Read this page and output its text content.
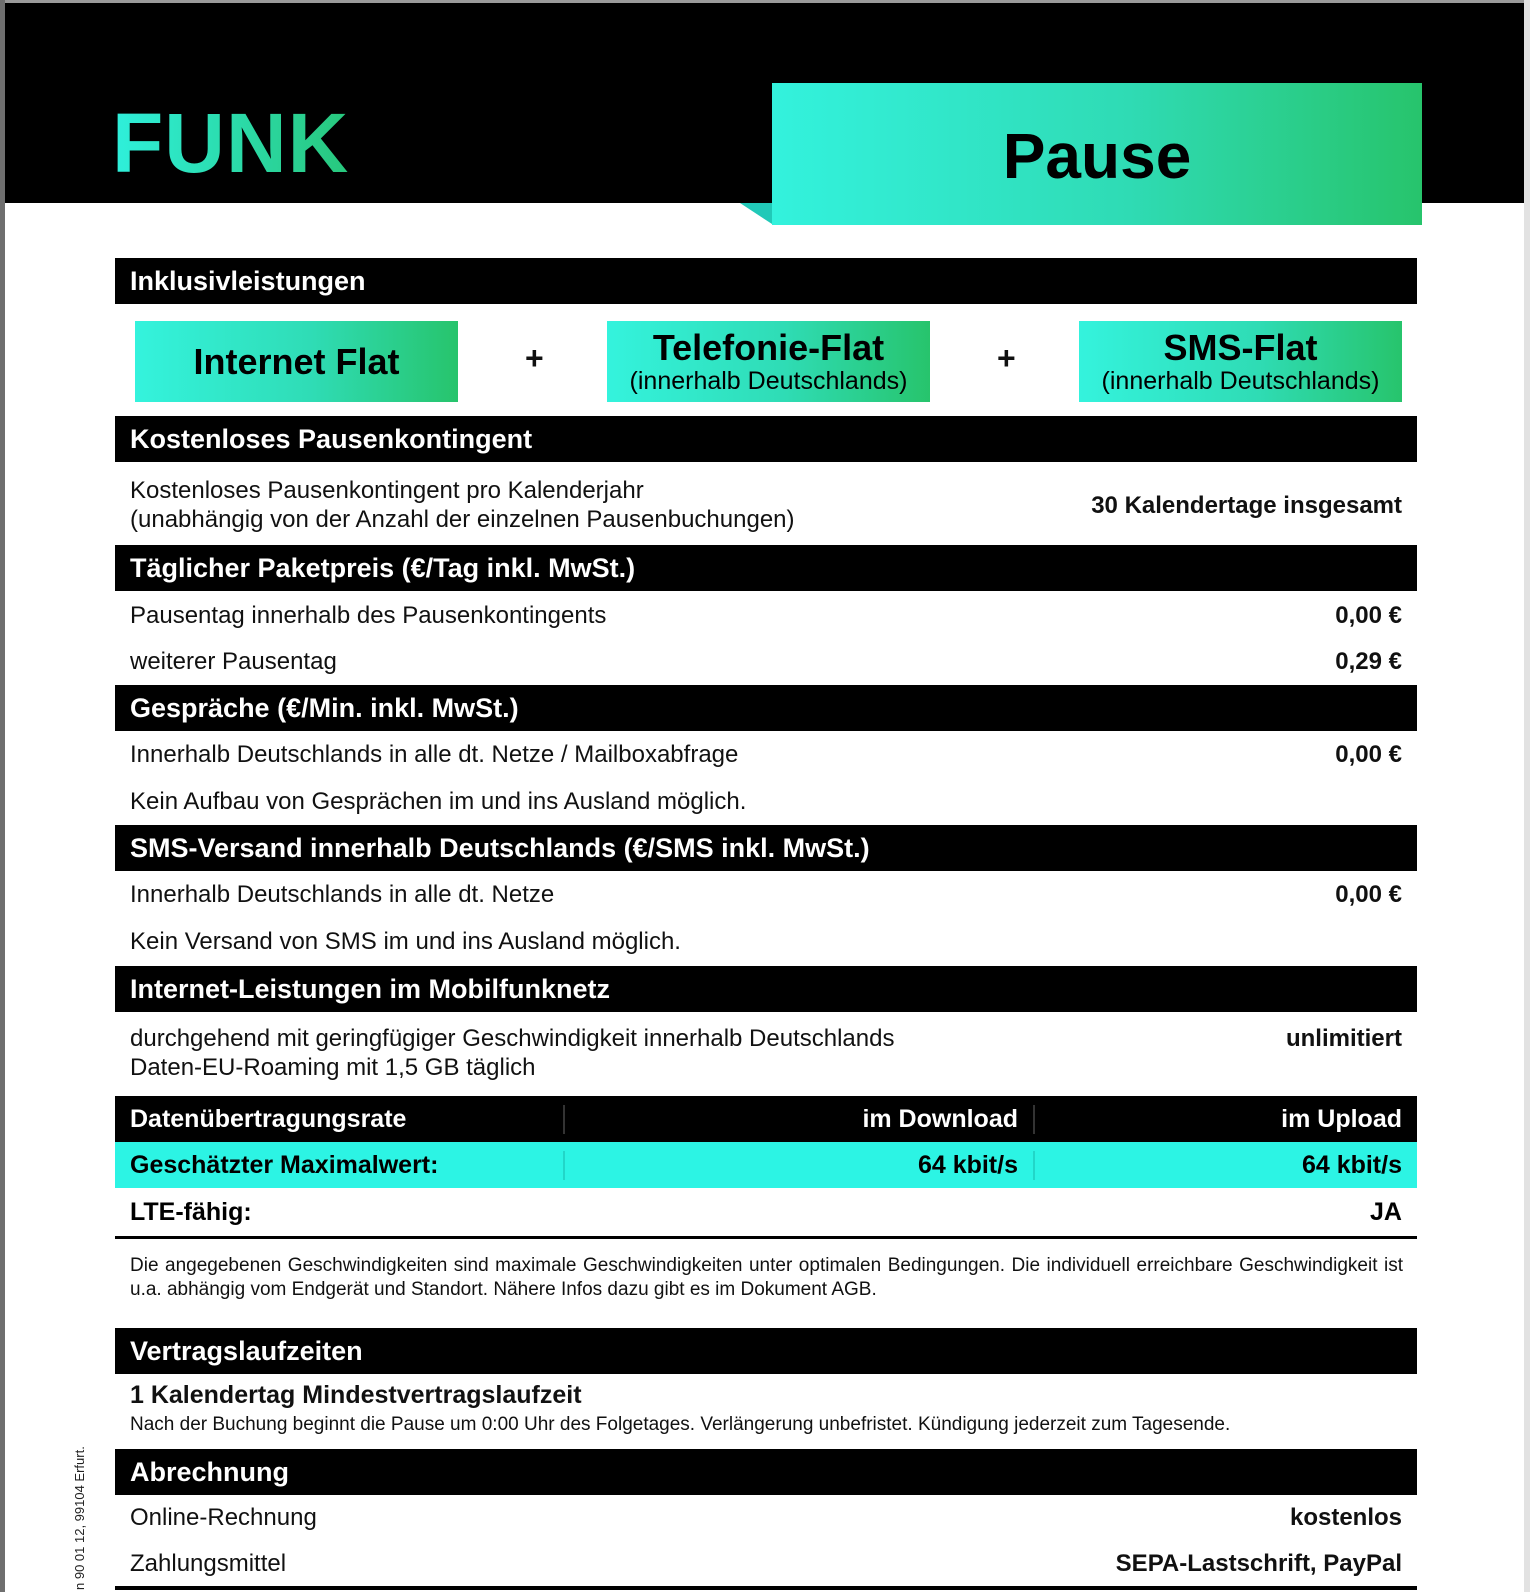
FUNK	Pause
Inklusivleistungen
Internet Flat	+	Telefonie-Flat
(innerhalb Deutschlands)
+	SMS-Flat
(innerhalb Deutschlands)
Kostenloses Pausenkontingent
Kostenloses Pausenkontingent pro Kalenderjahr
(unabhängig von der Anzahl der einzelnen Pausenbuchungen)
30 Kalendertage insgesamt
Täglicher Paketpreis (€/Tag inkl. MwSt.)
Pausentag innerhalb des Pausenkontingents	0,00 €
weiterer Pausentag	0,29 €
Gespräche (€/Min. inkl. MwSt.)
Innerhalb Deutschlands in alle dt. Netze / Mailboxabfrage	0,00 €
Kein Aufbau von Gesprächen im und ins Ausland möglich.
SMS-Versand innerhalb Deutschlands (€/SMS inkl. MwSt.)
Innerhalb Deutschlands in alle dt. Netze	0,00 €
Kein Versand von SMS im und ins Ausland möglich.
Internet-Leistungen im Mobilfunknetz
durchgehend mit geringfügiger Geschwindigkeit innerhalb Deutschlands
Daten-EU-Roaming mit 1,5 GB täglich
unlimitiert
Datenübertragungsrate	im Download	im Upload
Geschätzter Maximalwert:	64 kbit/s	64 kbit/s
LTE-fähig:	JA
Die angegebenen Geschwindigkeiten sind maximale Geschwindigkeiten unter optimalen Bedingungen. Die individuell erreichbare Geschwindigkeit ist u.a. abhängig vom Endgerät und Standort. Nähere Infos dazu gibt es im Dokument AGB.
Vertragslaufzeiten
1 Kalendertag Mindestvertragslaufzeit
Nach der Buchung beginnt die Pause um 0:00 Uhr des Folgetages. Verlängerung unbefristet. Kündigung jederzeit zum Tagesende.
Abrechnung
Online-Rechnung	kostenlos
Zahlungsmittel	SEPA-Lastschrift, PayPal
n 90 01 12, 99104 Erfurt.
